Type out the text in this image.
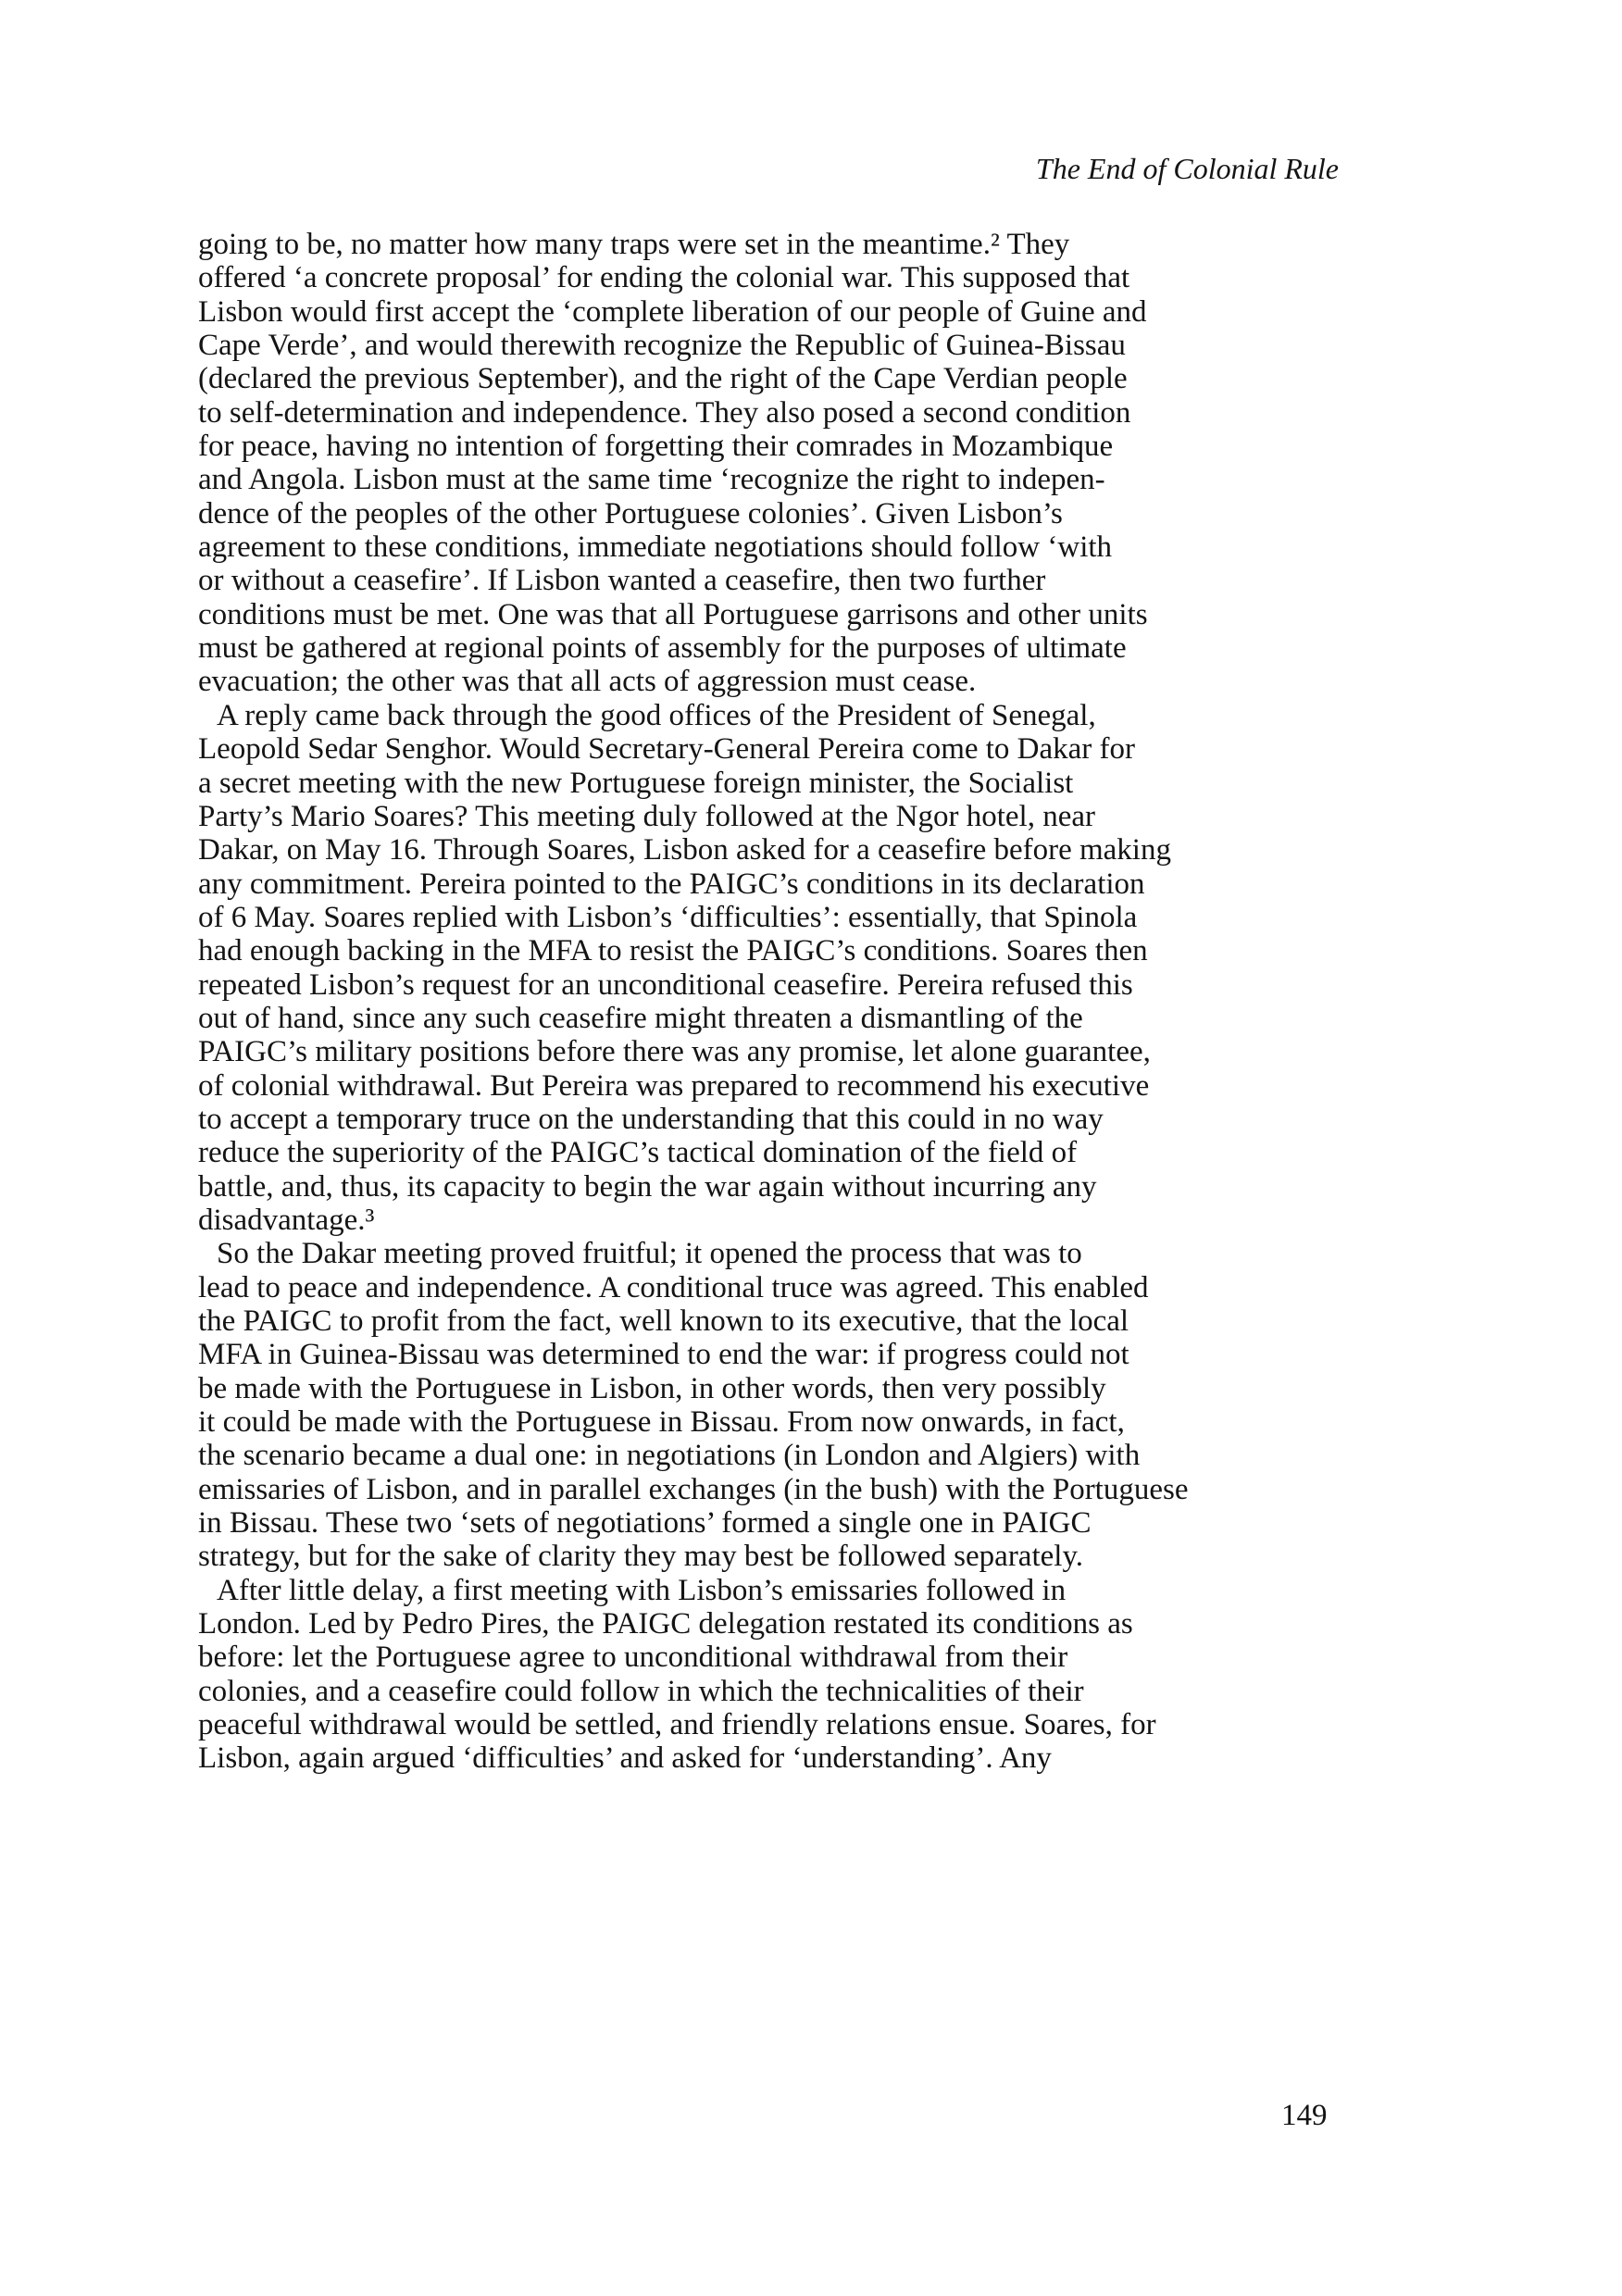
The End of Colonial Rule

going to be, no matter how many traps were set in the meantime.² They

offered ‘a concrete proposal’ for ending the colonial war. This supposed that

Lisbon would first accept the ‘complete liberation of our people of Guine and

Cape Verde’, and would therewith recognize the Republic of Guinea-Bissau

(declared the previous September), and the right of the Cape Verdian people

to self-determination and independence. They also posed a second condition

for peace, having no intention of forgetting their comrades in Mozambique

and Angola. Lisbon must at the same time ‘recognize the right to indepen-

dence of the peoples of the other Portuguese colonies’. Given Lisbon’s

agreement to these conditions, immediate negotiations should follow ‘with

or without a ceasefire’. If Lisbon wanted a ceasefire, then two further

conditions must be met. One was that all Portuguese garrisons and other units

must be gathered at regional points of assembly for the purposes of ultimate

evacuation; the other was that all acts of aggression must cease.

A reply came back through the good offices of the President of Senegal,

Leopold Sedar Senghor. Would Secretary-General Pereira come to Dakar for

a secret meeting with the new Portuguese foreign minister, the Socialist

Party’s Mario Soares? This meeting duly followed at the Ngor hotel, near

Dakar, on May 16. Through Soares, Lisbon asked for a ceasefire before making

any commitment. Pereira pointed to the PAIGC’s conditions in its declaration

of 6 May. Soares replied with Lisbon’s ‘difficulties’: essentially, that Spinola

had enough backing in the MFA to resist the PAIGC’s conditions. Soares then

repeated Lisbon’s request for an unconditional ceasefire. Pereira refused this

out of hand, since any such ceasefire might threaten a dismantling of the

PAIGC’s military positions before there was any promise, let alone guarantee,

of colonial withdrawal. But Pereira was prepared to recommend his executive

to accept a temporary truce on the understanding that this could in no way

reduce the superiority of the PAIGC’s tactical domination of the field of

battle, and, thus, its capacity to begin the war again without incurring any

disadvantage.³

So the Dakar meeting proved fruitful; it opened the process that was to

lead to peace and independence. A conditional truce was agreed. This enabled

the PAIGC to profit from the fact, well known to its executive, that the local

MFA in Guinea-Bissau was determined to end the war: if progress could not

be made with the Portuguese in Lisbon, in other words, then very possibly

it could be made with the Portuguese in Bissau. From now onwards, in fact,

the scenario became a dual one: in negotiations (in London and Algiers) with

emissaries of Lisbon, and in parallel exchanges (in the bush) with the Portuguese

in Bissau. These two ‘sets of negotiations’ formed a single one in PAIGC

strategy, but for the sake of clarity they may best be followed separately.

After little delay, a first meeting with Lisbon’s emissaries followed in

London. Led by Pedro Pires, the PAIGC delegation restated its conditions as

before: let the Portuguese agree to unconditional withdrawal from their

colonies, and a ceasefire could follow in which the technicalities of their

peaceful withdrawal would be settled, and friendly relations ensue. Soares, for

Lisbon, again argued ‘difficulties’ and asked for ‘understanding’. Any

149
